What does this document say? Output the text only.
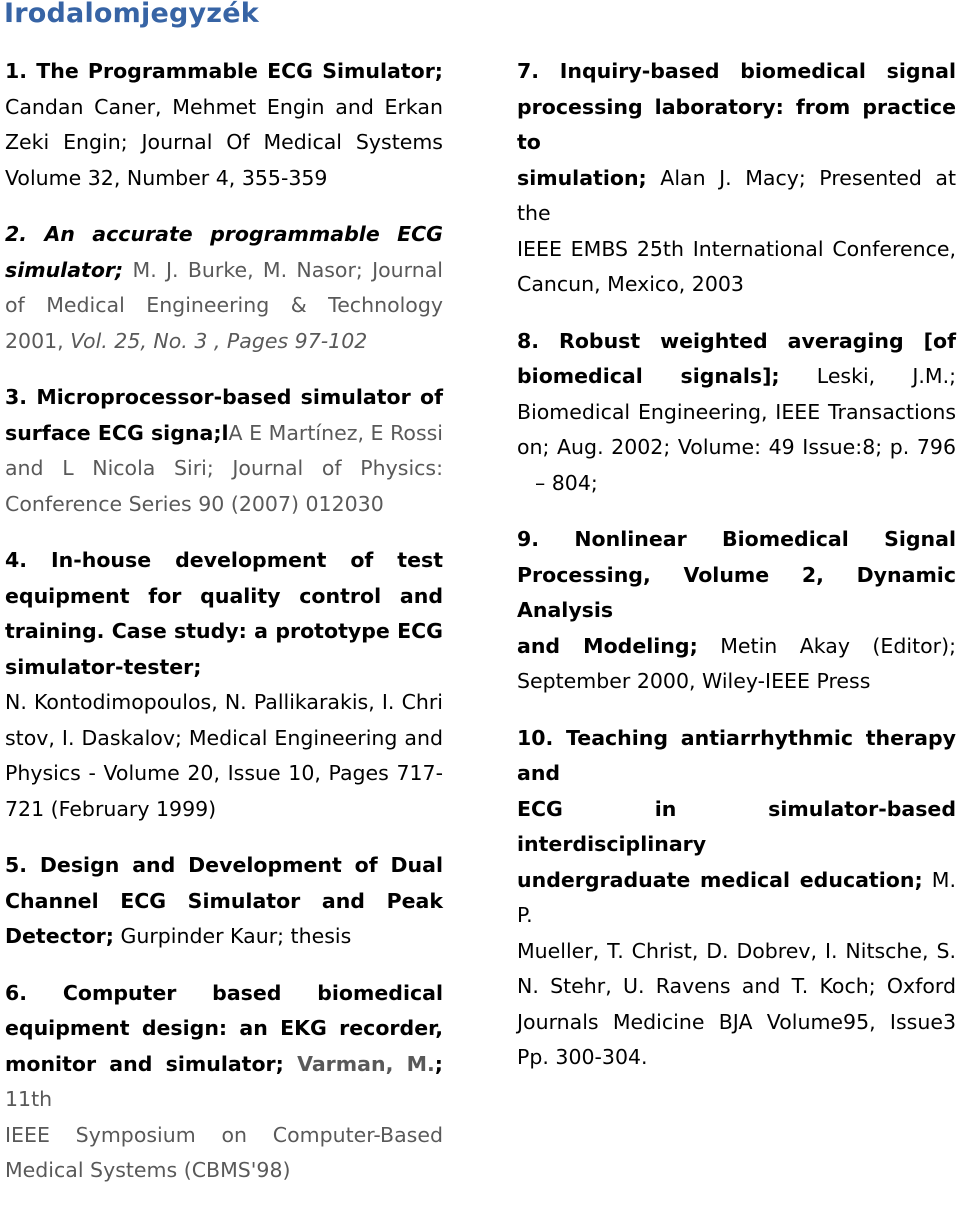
Irodalomjegyzék
1. The Programmable ECG Simulator;
Candan Caner, Mehmet Engin and Erkan
Zeki Engin; Journal Of Medical Systems
Volume 32, Number 4, 355-359
2. An accurate programmable ECG
simulator; M. J. Burke, M. Nasor; Journal
of Medical Engineering & Technology
2001, Vol. 25, No. 3 , Pages 97-102
3. Microprocessor-based simulator of
surface ECG signa;lA E Martínez, E Rossi
and L Nicola Siri; Journal of Physics:
Conference Series 90 (2007) 012030
4. In-house development of test
equipment for quality control and
training. Case study: a prototype ECG
simulator-tester;
N. Kontodimopoulos, N. Pallikarakis, I. Chri
stov, I. Daskalov; Medical Engineering and
Physics - Volume 20, Issue 10, Pages 717-
721 (February 1999)
5. Design and Development of Dual
Channel ECG Simulator and Peak
Detector; Gurpinder Kaur; thesis
6. Computer based biomedical
equipment design: an EKG recorder,
monitor and simulator; Varman, M.; 11th
IEEE Symposium on Computer-Based
Medical Systems (CBMS'98)
7. Inquiry-based biomedical signal
processing laboratory: from practice to
simulation; Alan J. Macy; Presented at the
IEEE EMBS 25th International Conference,
Cancun, Mexico, 2003
8. Robust weighted averaging [of
biomedical signals]; Leski, J.M.;
Biomedical Engineering, IEEE Transactions
on; Aug. 2002; Volume: 49 Issue:8; p. 796
– 804;
9. Nonlinear Biomedical Signal
Processing, Volume 2, Dynamic Analysis
and Modeling; Metin Akay (Editor);
September 2000, Wiley-IEEE Press
10. Teaching antiarrhythmic therapy and
ECG in simulator-based interdisciplinary
undergraduate medical education; M. P.
Mueller, T. Christ, D. Dobrev, I. Nitsche, S.
N. Stehr, U. Ravens and T. Koch; Oxford
Journals Medicine BJA Volume95, Issue3
Pp. 300-304.
